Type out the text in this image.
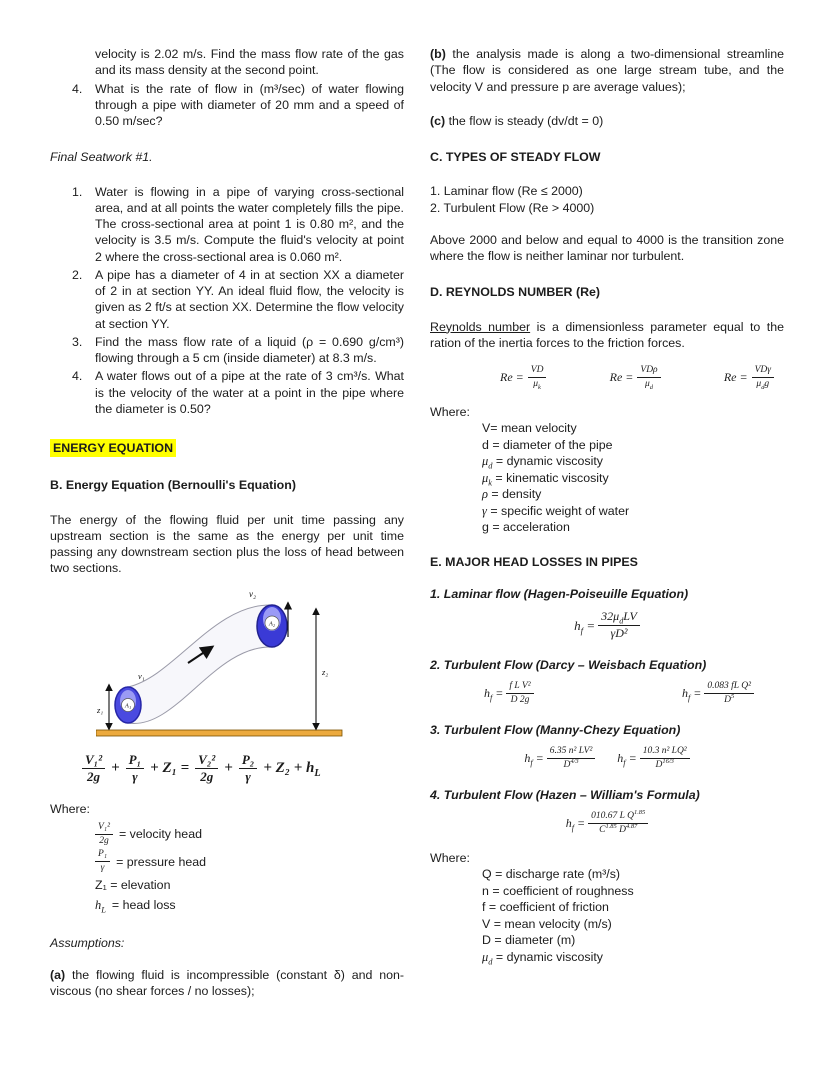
velocity is 2.02 m/s. Find the mass flow rate of the gas and its mass density at the second point.
4.	What is the rate of flow in (m³/sec) of water flowing through a pipe with diameter of 20 mm and a speed of 0.50 m/sec?

Final Seatwork #1.

1.	Water is flowing in a pipe of varying cross-sectional area, and at all points the water completely fills the pipe. The cross-sectional area at point 1 is 0.80 m², and the velocity is 3.5 m/s. Compute the fluid's velocity at point 2 where the cross-sectional area is 0.060 m².
2.	A pipe has a diameter of 4 in at section XX a diameter of 2 in at section YY. An ideal fluid flow, the velocity is given as 2 ft/s at section XX. Determine the flow velocity at section YY.
3.	Find the mass flow rate of a liquid (ρ = 0.690 g/cm³) flowing through a 5 cm (inside diameter) at 8.3 m/s.
4.	A water flows out of a pipe at the rate of 3 cm³/s. What is the velocity of the water at a point in the pipe where the diameter is 0.50?
ENERGY EQUATION

B. Energy Equation (Bernoulli's Equation)

The energy of the flowing fluid per unit time passing any upstream section is the same as the energy per unit time passing any downstream section plus the loss of head between two sections.

A₁
A₂
v₁
v₂
z₁
z₂
$\frac{\text{V₁²}}{2g} + \frac{\text{P₁}}{\gamma} + Z_1 = \frac{\text{V₂²}}{2g} + \frac{\text{P₂}}{\gamma} + Z_2 + h_L$

Where:

$\frac{\text{V₁²}}{2g}$ = velocity head
$\frac{\text{P₁}}{\gamma}$ = pressure head
Z₁ = elevation
$h_L$ = head loss

Assumptions:

(a) the flowing fluid is incompressible (constant δ) and non-viscous (no shear forces / no losses);

(b) the analysis made is along a two-dimensional streamline (The flow is considered as one large stream tube, and the velocity V and pressure p are average values);

(c) the flow is steady (dv/dt = 0)

C. TYPES OF STEADY FLOW

1. Laminar flow (Re ≤ 2000)

2. Turbulent Flow (Re > 4000)

Above 2000 and below and equal to 4000 is the transition zone where the flow is neither laminar nor turbulent.

D. REYNOLDS NUMBER (Re)

Reynolds number is a dimensionless parameter equal to the ration of the inertia forces to the friction forces.

$Re = \frac{VD}{\mu_k}$	$Re = \frac{\text{VDρ}}{\mu_d}$	$Re = \frac{\text{VDγ}}{\mu_dg}$

Where:

V= mean velocity
d = diameter of the pipe
$\mu_d$ = dynamic viscosity
$\mu_k$ = kinematic viscosity
ρ = density
γ = specific weight of water
g = acceleration

E. MAJOR HEAD LOSSES IN PIPES

1. Laminar flow (Hagen-Poiseuille Equation)

$h_f = \frac{32\mu_dLV}{\text{γD²}}$

2. Turbulent Flow (Darcy – Weisbach Equation)

$h_f = \frac{\text{f L V²}}{D 2g}$	$h_f = \frac{\text{0.083 fL Q²}}{D^5}$

3. Turbulent Flow (Manny-Chezy Equation)

$h_f = \frac{\text{6.35 n² LV²}}{D^{4/3}} h_f = \frac{\text{10.3 n² LQ²}}{D^{16/3}}$

4. Turbulent Flow (Hazen – William's Formula)

$h_f = \frac{010.67 L Q^{1.85}}{C^{1.85} D^{4.87}}$

Where:

Q = discharge rate (m³/s)
n = coefficient of roughness
f = coefficient of friction
V = mean velocity (m/s)
D = diameter (m)
$\mu_d$ = dynamic viscosity
